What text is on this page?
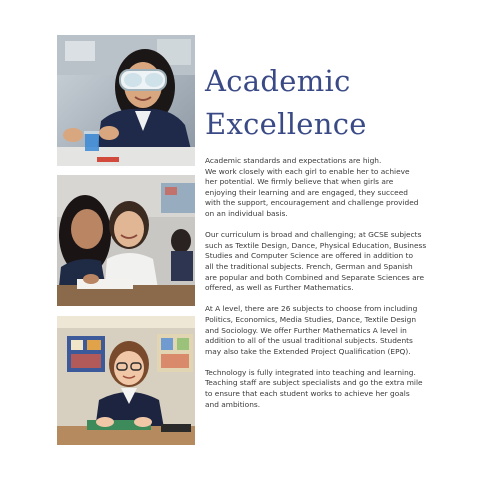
Academic
Excellence

Academic standards and expectations are high.
We work closely with each girl to enable her to achieve
her potential. We firmly believe that when girls are
enjoying their learning and are engaged, they succeed
with the support, encouragement and challenge provided
on an individual basis.

Our curriculum is broad and challenging; at GCSE subjects
such as Textile Design, Dance, Physical Education, Business
Studies and Computer Science are offered in addition to
all the traditional subjects. French, German and Spanish
are popular and both Combined and Separate Sciences are
offered, as well as Further Mathematics.

At A level, there are 26 subjects to choose from including
Politics, Economics, Media Studies, Dance, Textile Design
and Sociology. We offer Further Mathematics A level in
addition to all of the usual traditional subjects. Students
may also take the Extended Project Qualification (EPQ).

Technology is fully integrated into teaching and learning.
Teaching staff are subject specialists and go the extra mile
to ensure that each student works to achieve her goals
and ambitions.
